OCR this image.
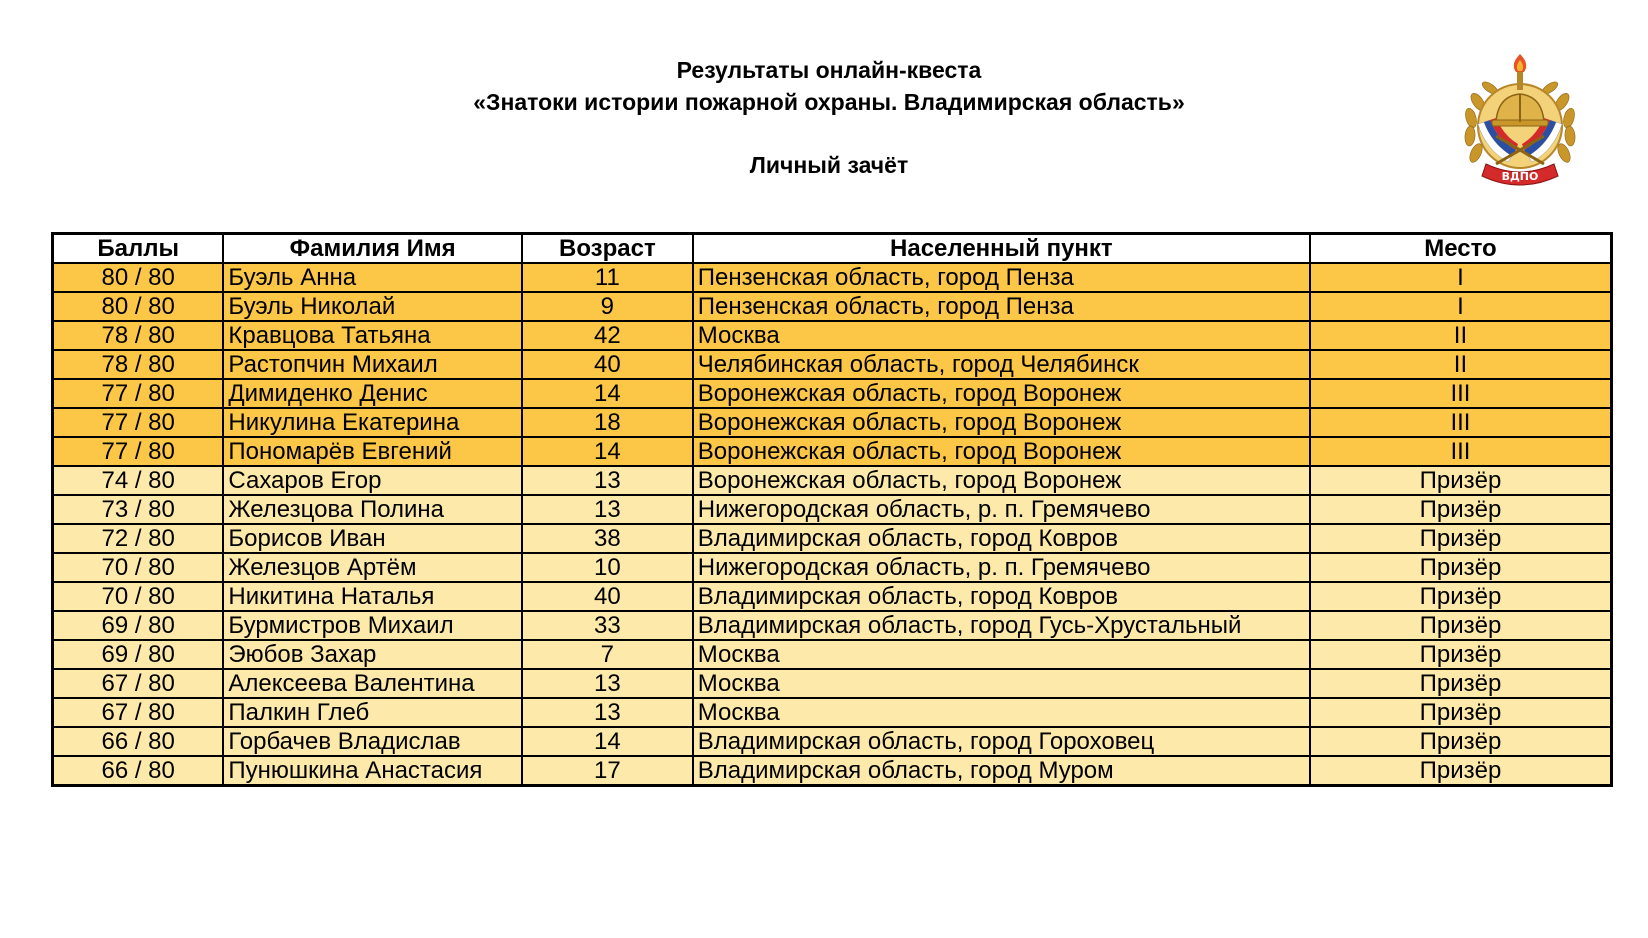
Результаты онлайн-квеста
«Знатоки истории пожарной охраны. Владимирская область»
Личный зачёт	ВДПО
Баллы	Фамилия Имя	Возраст	Населенный пункт	Место
80 / 80	Буэль Анна	11	Пензенская область, город Пенза	I
80 / 80	Буэль Николай	9	Пензенская область, город Пенза	I
78 / 80	Кравцова Татьяна	42	Москва	II
78 / 80	Растопчин Михаил	40	Челябинская область, город Челябинск	II
77 / 80	Димиденко Денис	14	Воронежская область, город Воронеж	III
77 / 80	Никулина Екатерина	18	Воронежская область, город Воронеж	III
77 / 80	Пономарёв Евгений	14	Воронежская область, город Воронеж	III
74 / 80	Сахаров Егор	13	Воронежская область, город Воронеж	Призёр
73 / 80	Железцова Полина	13	Нижегородская область, р. п. Гремячево	Призёр
72 / 80	Борисов Иван	38	Владимирская область, город Ковров	Призёр
70 / 80	Железцов Артём	10	Нижегородская область, р. п. Гремячево	Призёр
70 / 80	Никитина Наталья	40	Владимирская область, город Ковров	Призёр
69 / 80	Бурмистров Михаил	33	Владимирская область, город Гусь-Хрустальный	Призёр
69 / 80	Эюбов Захар	7	Москва	Призёр
67 / 80	Алексеева Валентина	13	Москва	Призёр
67 / 80	Палкин Глеб	13	Москва	Призёр
66 / 80	Горбачев Владислав	14	Владимирская область, город Гороховец	Призёр
66 / 80	Пунюшкина Анастасия	17	Владимирская область, город Муром	Призёр
